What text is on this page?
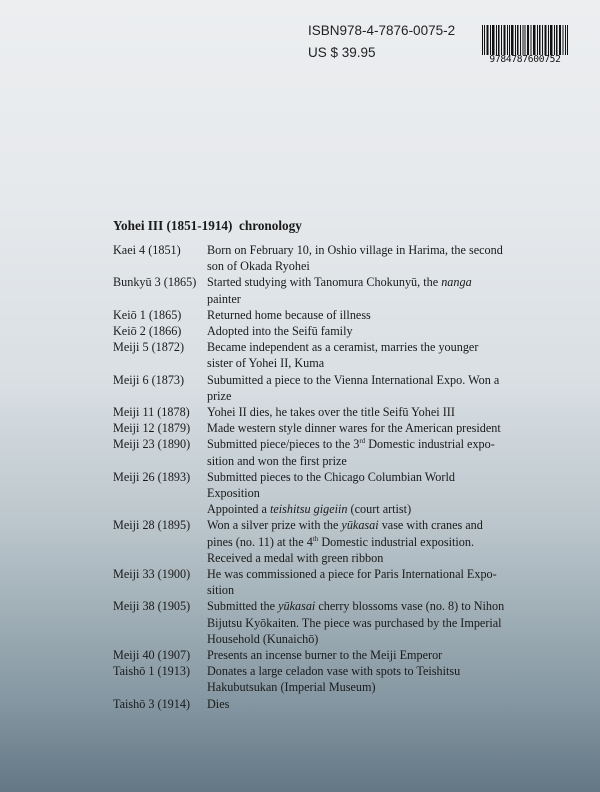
ISBN978-4-7876-0075-2
US $ 39.95	9784787600752
Yohei III (1851-1914)  chronology
Kaei 4 (1851)	Born on February 10, in Oshio village in Harima, the second son of Okada Ryohei
Bunkyū 3 (1865) Started studying with Tanomura Chokunyū, the nanga painter
Keiō 1 (1865)	Returned home because of illness
Keiō 2 (1866)	Adopted into the Seifū family
Meiji 5 (1872)	Became independent as a ceramist, marries the younger sister of Yohei II, Kuma
Meiji 6 (1873)	Subumitted a piece to the Vienna International Expo. Won a prize
Meiji 11 (1878)	Yohei II dies, he takes over the title Seifū Yohei III
Meiji 12 (1879)	Made western style dinner wares for the American president
Meiji 23 (1890)	Submitted piece/pieces to the 3rd Domestic industrial expo-sition and won the first prize
Meiji 26 (1893)	Submitted pieces to the Chicago Columbian World Exposition

Appointed a teishitsu gigeiin (court artist)

Meiji 28 (1895)	Won a silver prize with the yūkasai vase with cranes and pines (no. 11) at the 4th Domestic industrial exposition.

Received a medal with green ribbon

Meiji 33 (1900)	He was commissioned a piece for Paris International Expo-sition
Meiji 38 (1905)	Submitted the yūkasai cherry blossoms vase (no. 8) to Nihon Bijutsu Kyōkaiten. The piece was purchased by the Imperial Household (Kunaichō)
Meiji 40 (1907)	Presents an incense burner to the Meiji Emperor
Taishō 1 (1913)	Donates a large celadon vase with spots to Teishitsu Hakubutsukan (Imperial Museum)
Taishō 3 (1914)	Dies
